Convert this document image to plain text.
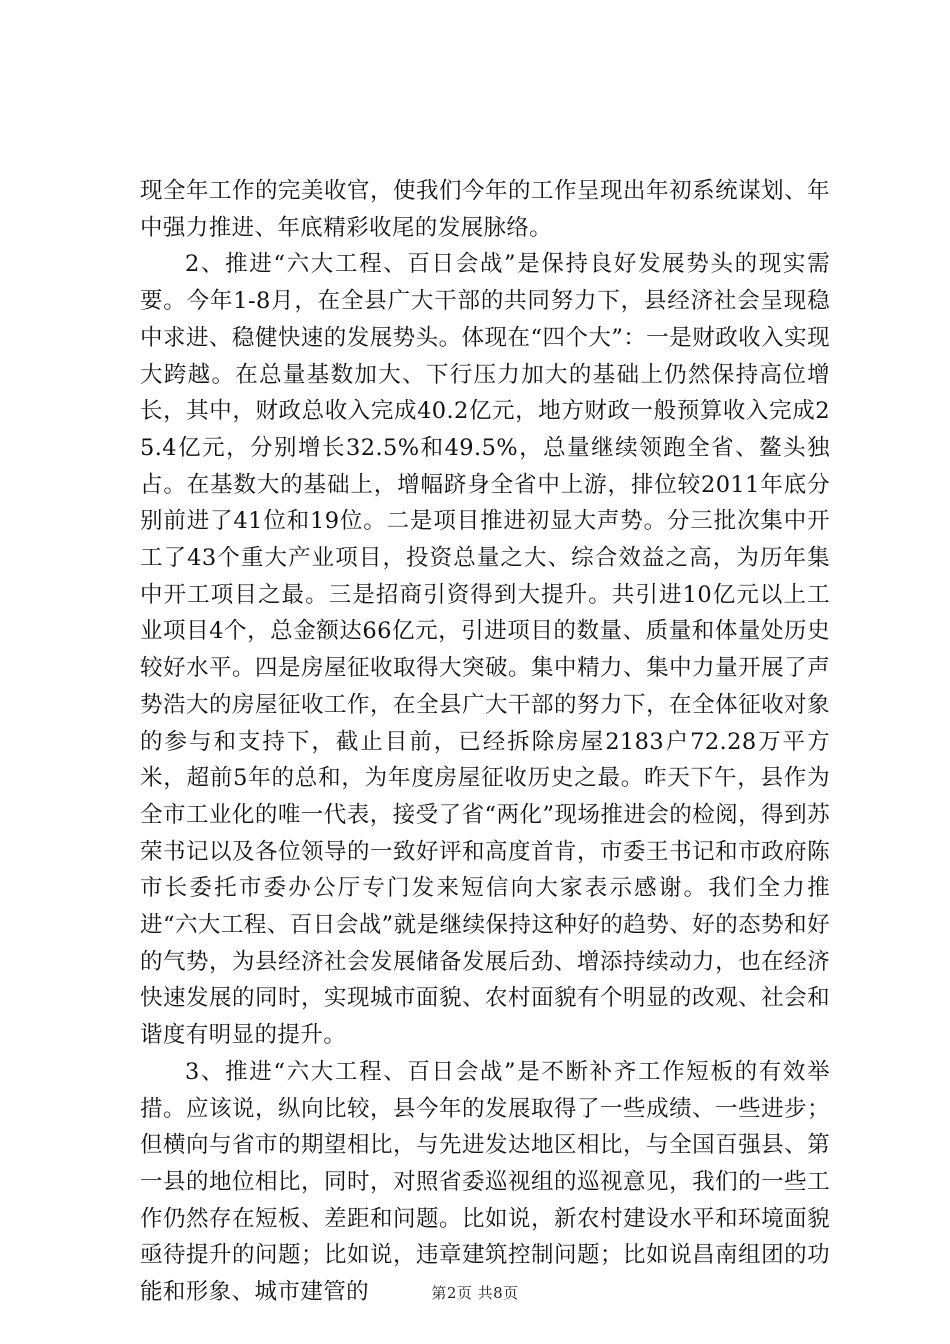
现全年工作的完美收官，使我们今年的工作呈现出年初系统谋划、年中强力推进、年底精彩收尾的发展脉络。

2、推进“六大工程、百日会战”是保持良好发展势头的现实需要。今年1-8月，在全县广大干部的共同努力下，县经济社会呈现稳中求进、稳健快速的发展势头。体现在“四个大”：一是财政收入实现大跨越。在总量基数加大、下行压力加大的基础上仍然保持高位增长，其中，财政总收入完成40.2亿元，地方财政一般预算收入完成25.4亿元，分别增长32.5%和49.5%，总量继续领跑全省、鳌头独占。在基数大的基础上，增幅跻身全省中上游，排位较2011年底分别前进了41位和19位。二是项目推进初显大声势。分三批次集中开工了43个重大产业项目，投资总量之大、综合效益之高，为历年集中开工项目之最。三是招商引资得到大提升。共引进10亿元以上工业项目4个，总金额达66亿元，引进项目的数量、质量和体量处历史较好水平。四是房屋征收取得大突破。集中精力、集中力量开展了声势浩大的房屋征收工作，在全县广大干部的努力下，在全体征收对象的参与和支持下，截止目前，已经拆除房屋2183户72.28万平方米，超前5年的总和，为年度房屋征收历史之最。昨天下午，县作为全市工业化的唯一代表，接受了省“两化”现场推进会的检阅，得到苏荣书记以及各位领导的一致好评和高度首肯，市委王书记和市政府陈市长委托市委办公厅专门发来短信向大家表示感谢。我们全力推进“六大工程、百日会战”就是继续保持这种好的趋势、好的态势和好的气势，为县经济社会发展储备发展后劲、增添持续动力，也在经济快速发展的同时，实现城市面貌、农村面貌有个明显的改观、社会和谐度有明显的提升。

3、推进“六大工程、百日会战”是不断补齐工作短板的有效举措。应该说，纵向比较，县今年的发展取得了一些成绩、一些进步；但横向与省市的期望相比，与先进发达地区相比，与全国百强县、第一县的地位相比，同时，对照省委巡视组的巡视意见，我们的一些工作仍然存在短板、差距和问题。比如说，新农村建设水平和环境面貌亟待提升的问题；比如说，违章建筑控制问题；比如说昌南组团的功能和形象、城市建管的	第2页 共8页
